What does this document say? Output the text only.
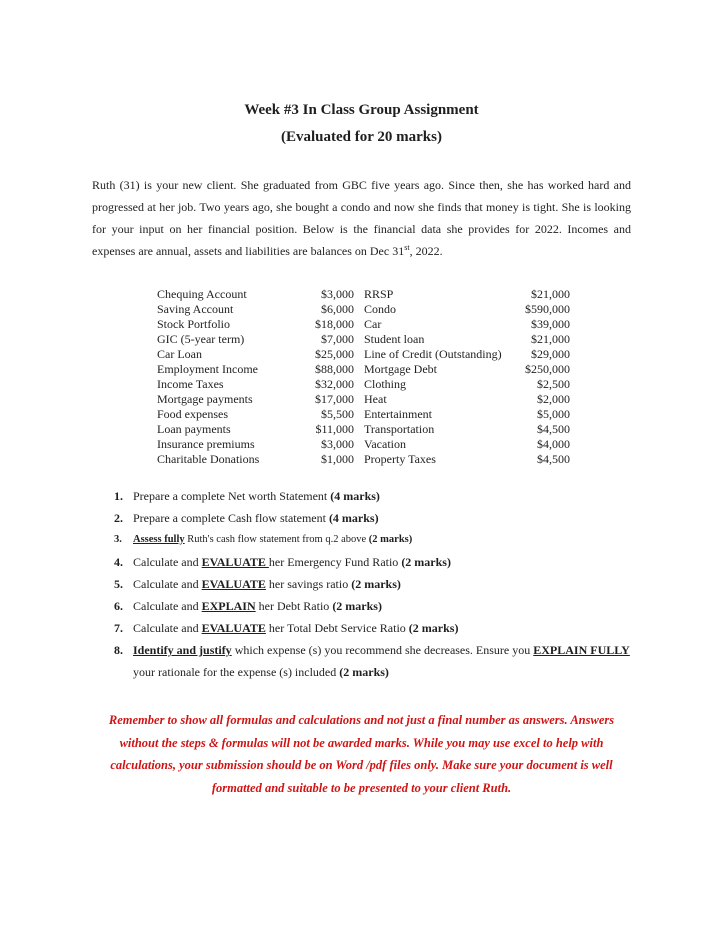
Week #3 In Class Group Assignment
(Evaluated for 20 marks)

Ruth (31) is your new client. She graduated from GBC five years ago. Since then, she has worked hard and progressed at her job. Two years ago, she bought a condo and now she finds that money is tight. She is looking for your input on her financial position. Below is the financial data she provides for 2022. Incomes and expenses are annual, assets and liabilities are balances on Dec 31st, 2022.

Chequing Account	$3,000	RRSP	$21,000
Saving Account	$6,000	Condo	$590,000
Stock Portfolio	$18,000	Car	$39,000
GIC (5-year term)	$7,000	Student loan	$21,000
Car Loan	$25,000	Line of Credit (Outstanding)	$29,000
Employment Income	$88,000	Mortgage Debt	$250,000
Income Taxes	$32,000	Clothing	$2,500
Mortgage payments	$17,000	Heat	$2,000
Food expenses	$5,500	Entertainment	$5,000
Loan payments	$11,000	Transportation	$4,500
Insurance premiums	$3,000	Vacation	$4,000
Charitable Donations	$1,000	Property Taxes	$4,500
1. Prepare a complete Net worth Statement (4 marks)
2. Prepare a complete Cash flow statement (4 marks)
3. Assess fully Ruth's cash flow statement from q.2 above (2 marks)
4. Calculate and EVALUATE her Emergency Fund Ratio (2 marks)
5. Calculate and EVALUATE her savings ratio (2 marks)
6. Calculate and EXPLAIN her Debt Ratio (2 marks)
7. Calculate and EVALUATE her Total Debt Service Ratio (2 marks)
8. Identify and justify which expense (s) you recommend she decreases. Ensure you EXPLAIN FULLY your rationale for the expense (s) included (2 marks)

Remember to show all formulas and calculations and not just a final number as answers. Answers without the steps & formulas will not be awarded marks. While you may use excel to help with calculations, your submission should be on Word /pdf files only. Make sure your document is well formatted and suitable to be presented to your client Ruth.
